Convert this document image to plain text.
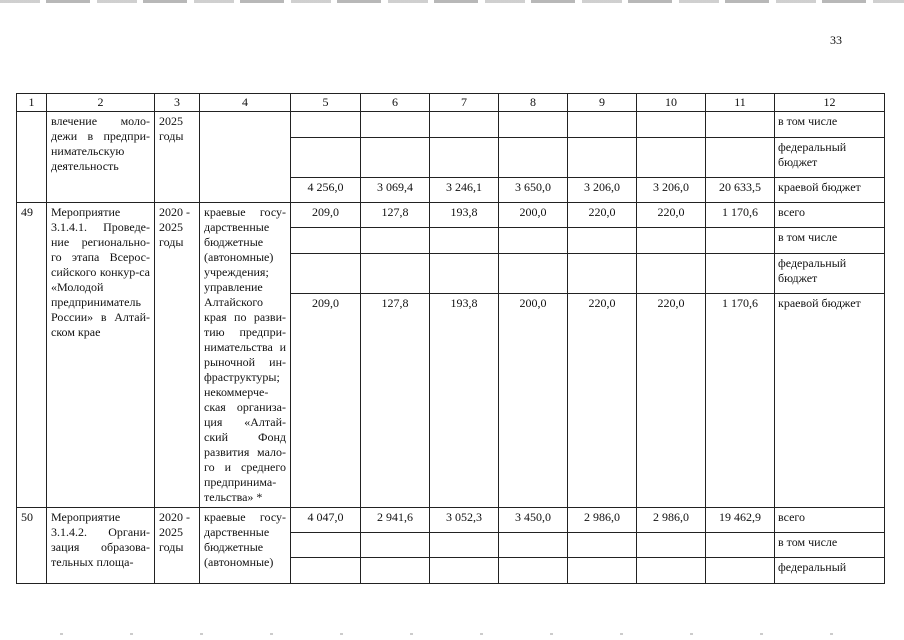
33
1	2	3	4	5	6	7	8	9	10	11	12
	влечение моло-дежи в предпри-нимательскую деятельность	2025 годы									в том числе
											федеральный бюджет
				4 256,0	3 069,4	3 246,1	3 650,0	3 206,0	3 206,0	20 633,5	краевой бюджет
49	Мероприятие 3.1.4.1. Проведе-ние регионально-го этапа Всерос-сийского конкур-са «Молодой предприниматель России» в Алтай-ском крае	2020 - 2025 годы	краевые госу-дарственные бюджетные (автономные) учреждения; управление Алтайского края по разви-тию предпри-нимательства и рыночной ин-фраструктуры; некоммерче-ская организа-ция «Алтай-ский Фонд развития мало-го и среднего предпринима-тельства» *	209,0	127,8	193,8	200,0	220,0	220,0	1 170,6	всего
											в том числе
											федеральный бюджет
				209,0	127,8	193,8	200,0	220,0	220,0	1 170,6	краевой бюджет
50	Мероприятие 3.1.4.2. Органи-зация образова-тельных площа-	2020 - 2025 годы	краевые госу-дарственные бюджетные (автономные)	4 047,0	2 941,6	3 052,3	3 450,0	2 986,0	2 986,0	19 462,9	всего
											в том числе
											федеральный
